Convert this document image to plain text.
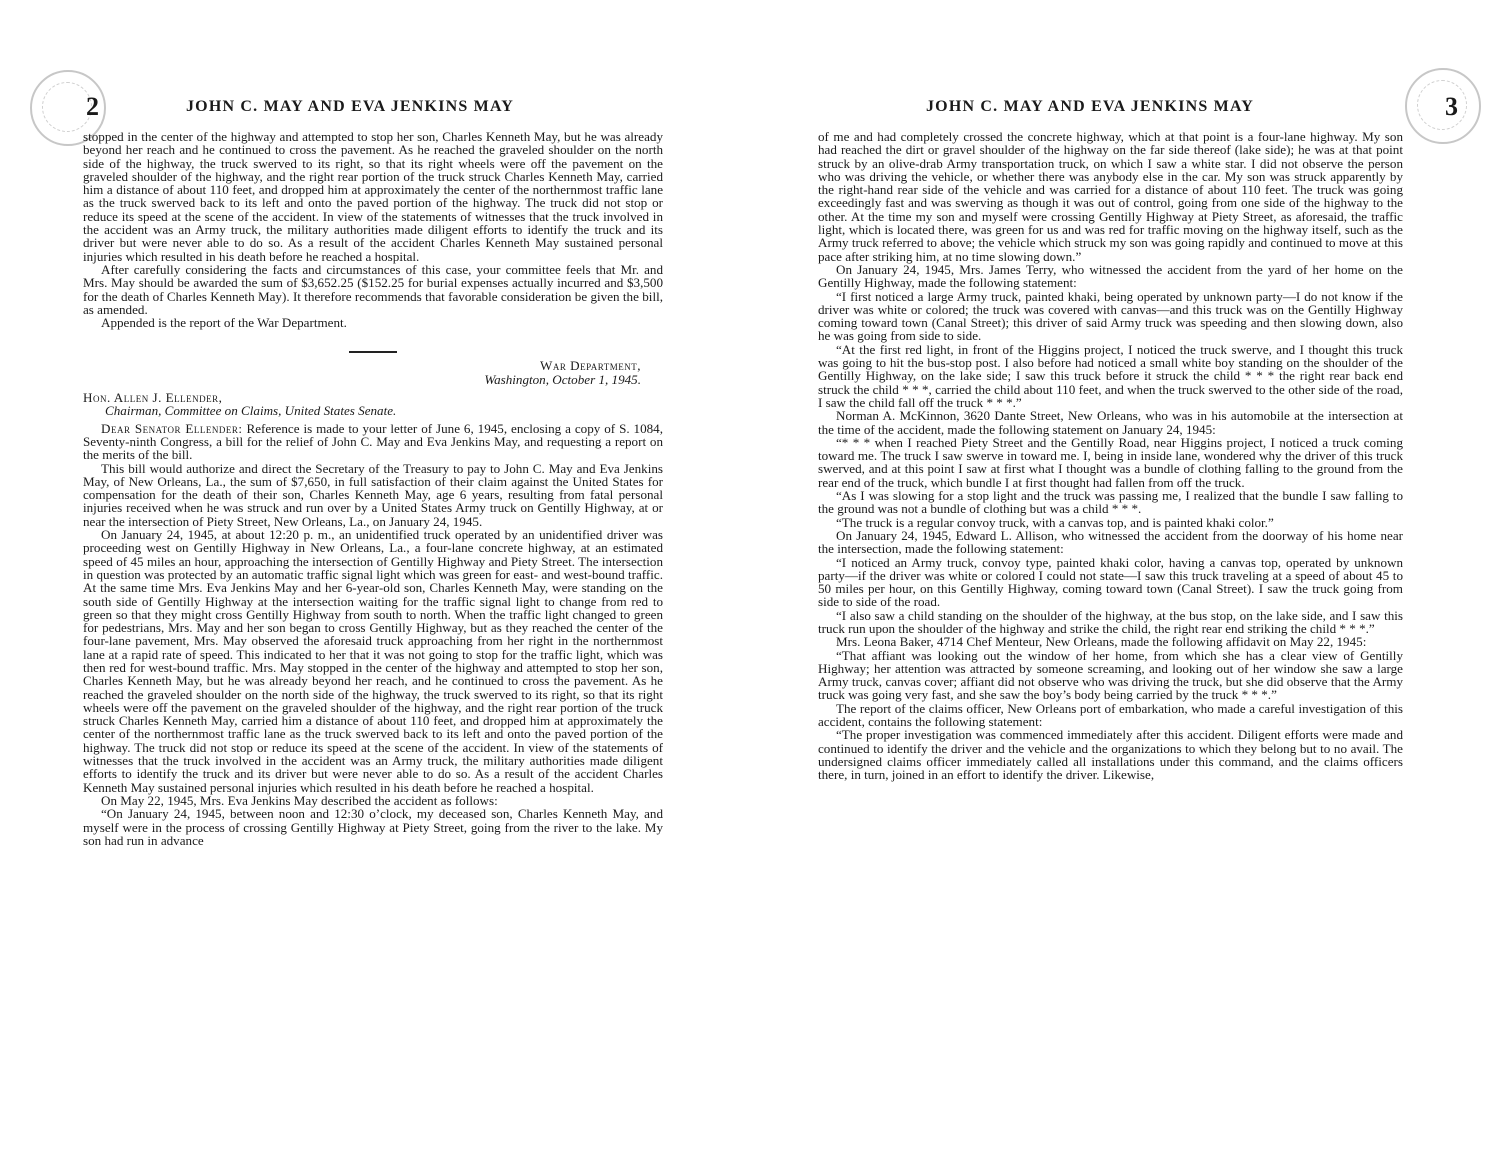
2	JOHN C. MAY AND EVA JENKINS MAY

stopped in the center of the highway and attempted to stop her son, Charles Kenneth May, but he was already beyond her reach and he continued to cross the pavement. As he reached the graveled shoulder on the north side of the highway, the truck swerved to its right, so that its right wheels were off the pavement on the graveled shoulder of the highway, and the right rear portion of the truck struck Charles Kenneth May, carried him a distance of about 110 feet, and dropped him at approximately the center of the northernmost traffic lane as the truck swerved back to its left and onto the paved portion of the highway. The truck did not stop or reduce its speed at the scene of the accident. In view of the statements of witnesses that the truck involved in the accident was an Army truck, the military authorities made diligent efforts to identify the truck and its driver but were never able to do so. As a result of the accident Charles Kenneth May sustained personal injuries which resulted in his death before he reached a hospital.

After carefully considering the facts and circumstances of this case, your committee feels that Mr. and Mrs. May should be awarded the sum of $3,652.25 ($152.25 for burial expenses actually incurred and $3,500 for the death of Charles Kenneth May). It therefore recommends that favorable consideration be given the bill, as amended.

Appended is the report of the War Department.

War Department,
Washington, October 1, 1945.
Hon. Allen J. Ellender,
Chairman, Committee on Claims, United States Senate.

Dear Senator Ellender: Reference is made to your letter of June 6, 1945, enclosing a copy of S. 1084, Seventy-ninth Congress, a bill for the relief of John C. May and Eva Jenkins May, and requesting a report on the merits of the bill.

This bill would authorize and direct the Secretary of the Treasury to pay to John C. May and Eva Jenkins May, of New Orleans, La., the sum of $7,650, in full satisfaction of their claim against the United States for compensation for the death of their son, Charles Kenneth May, age 6 years, resulting from fatal personal injuries received when he was struck and run over by a United States Army truck on Gentilly Highway, at or near the intersection of Piety Street, New Orleans, La., on January 24, 1945.

On January 24, 1945, at about 12:20 p. m., an unidentified truck operated by an unidentified driver was proceeding west on Gentilly Highway in New Orleans, La., a four-lane concrete highway, at an estimated speed of 45 miles an hour, approaching the intersection of Gentilly Highway and Piety Street. The intersection in question was protected by an automatic traffic signal light which was green for east- and west-bound traffic. At the same time Mrs. Eva Jenkins May and her 6-year-old son, Charles Kenneth May, were standing on the south side of Gentilly Highway at the intersection waiting for the traffic signal light to change from red to green so that they might cross Gentilly Highway from south to north. When the traffic light changed to green for pedestrians, Mrs. May and her son began to cross Gentilly Highway, but as they reached the center of the four-lane pavement, Mrs. May observed the aforesaid truck approaching from her right in the northernmost lane at a rapid rate of speed. This indicated to her that it was not going to stop for the traffic light, which was then red for west-bound traffic. Mrs. May stopped in the center of the highway and attempted to stop her son, Charles Kenneth May, but he was already beyond her reach, and he continued to cross the pavement. As he reached the graveled shoulder on the north side of the highway, the truck swerved to its right, so that its right wheels were off the pavement on the graveled shoulder of the highway, and the right rear portion of the truck struck Charles Kenneth May, carried him a distance of about 110 feet, and dropped him at approximately the center of the northernmost traffic lane as the truck swerved back to its left and onto the paved portion of the highway. The truck did not stop or reduce its speed at the scene of the accident. In view of the statements of witnesses that the truck involved in the accident was an Army truck, the military authorities made diligent efforts to identify the truck and its driver but were never able to do so. As a result of the accident Charles Kenneth May sustained personal injuries which resulted in his death before he reached a hospital.

On May 22, 1945, Mrs. Eva Jenkins May described the accident as follows:

“On January 24, 1945, between noon and 12:30 o’clock, my deceased son, Charles Kenneth May, and myself were in the process of crossing Gentilly Highway at Piety Street, going from the river to the lake. My son had run in advance

JOHN C. MAY AND EVA JENKINS MAY	3

of me and had completely crossed the concrete highway, which at that point is a four-lane highway. My son had reached the dirt or gravel shoulder of the highway on the far side thereof (lake side); he was at that point struck by an olive-drab Army transportation truck, on which I saw a white star. I did not observe the person who was driving the vehicle, or whether there was anybody else in the car. My son was struck apparently by the right-hand rear side of the vehicle and was carried for a distance of about 110 feet. The truck was going exceedingly fast and was swerving as though it was out of control, going from one side of the highway to the other. At the time my son and myself were crossing Gentilly Highway at Piety Street, as aforesaid, the traffic light, which is located there, was green for us and was red for traffic moving on the highway itself, such as the Army truck referred to above; the vehicle which struck my son was going rapidly and continued to move at this pace after striking him, at no time slowing down.”

On January 24, 1945, Mrs. James Terry, who witnessed the accident from the yard of her home on the Gentilly Highway, made the following statement:

“I first noticed a large Army truck, painted khaki, being operated by unknown party—I do not know if the driver was white or colored; the truck was covered with canvas—and this truck was on the Gentilly Highway coming toward town (Canal Street); this driver of said Army truck was speeding and then slowing down, also he was going from side to side.

“At the first red light, in front of the Higgins project, I noticed the truck swerve, and I thought this truck was going to hit the bus-stop post. I also before had noticed a small white boy standing on the shoulder of the Gentilly Highway, on the lake side; I saw this truck before it struck the child * * * the right rear back end struck the child * * *, carried the child about 110 feet, and when the truck swerved to the other side of the road, I saw the child fall off the truck * * *.”

Norman A. McKinnon, 3620 Dante Street, New Orleans, who was in his automobile at the intersection at the time of the accident, made the following statement on January 24, 1945:

“* * * when I reached Piety Street and the Gentilly Road, near Higgins project, I noticed a truck coming toward me. The truck I saw swerve in toward me. I, being in inside lane, wondered why the driver of this truck swerved, and at this point I saw at first what I thought was a bundle of clothing falling to the ground from the rear end of the truck, which bundle I at first thought had fallen from off the truck.

“As I was slowing for a stop light and the truck was passing me, I realized that the bundle I saw falling to the ground was not a bundle of clothing but was a child * * *.

“The truck is a regular convoy truck, with a canvas top, and is painted khaki color.”

On January 24, 1945, Edward L. Allison, who witnessed the accident from the doorway of his home near the intersection, made the following statement:

“I noticed an Army truck, convoy type, painted khaki color, having a canvas top, operated by unknown party—if the driver was white or colored I could not state—I saw this truck traveling at a speed of about 45 to 50 miles per hour, on this Gentilly Highway, coming toward town (Canal Street). I saw the truck going from side to side of the road.

“I also saw a child standing on the shoulder of the highway, at the bus stop, on the lake side, and I saw this truck run upon the shoulder of the highway and strike the child, the right rear end striking the child * * *.”

Mrs. Leona Baker, 4714 Chef Menteur, New Orleans, made the following affidavit on May 22, 1945:

“That affiant was looking out the window of her home, from which she has a clear view of Gentilly Highway; her attention was attracted by someone screaming, and looking out of her window she saw a large Army truck, canvas cover; affiant did not observe who was driving the truck, but she did observe that the Army truck was going very fast, and she saw the boy’s body being carried by the truck * * *.”

The report of the claims officer, New Orleans port of embarkation, who made a careful investigation of this accident, contains the following statement:

“The proper investigation was commenced immediately after this accident. Diligent efforts were made and continued to identify the driver and the vehicle and the organizations to which they belong but to no avail. The undersigned claims officer immediately called all installations under this command, and the claims officers there, in turn, joined in an effort to identify the driver. Likewise,
